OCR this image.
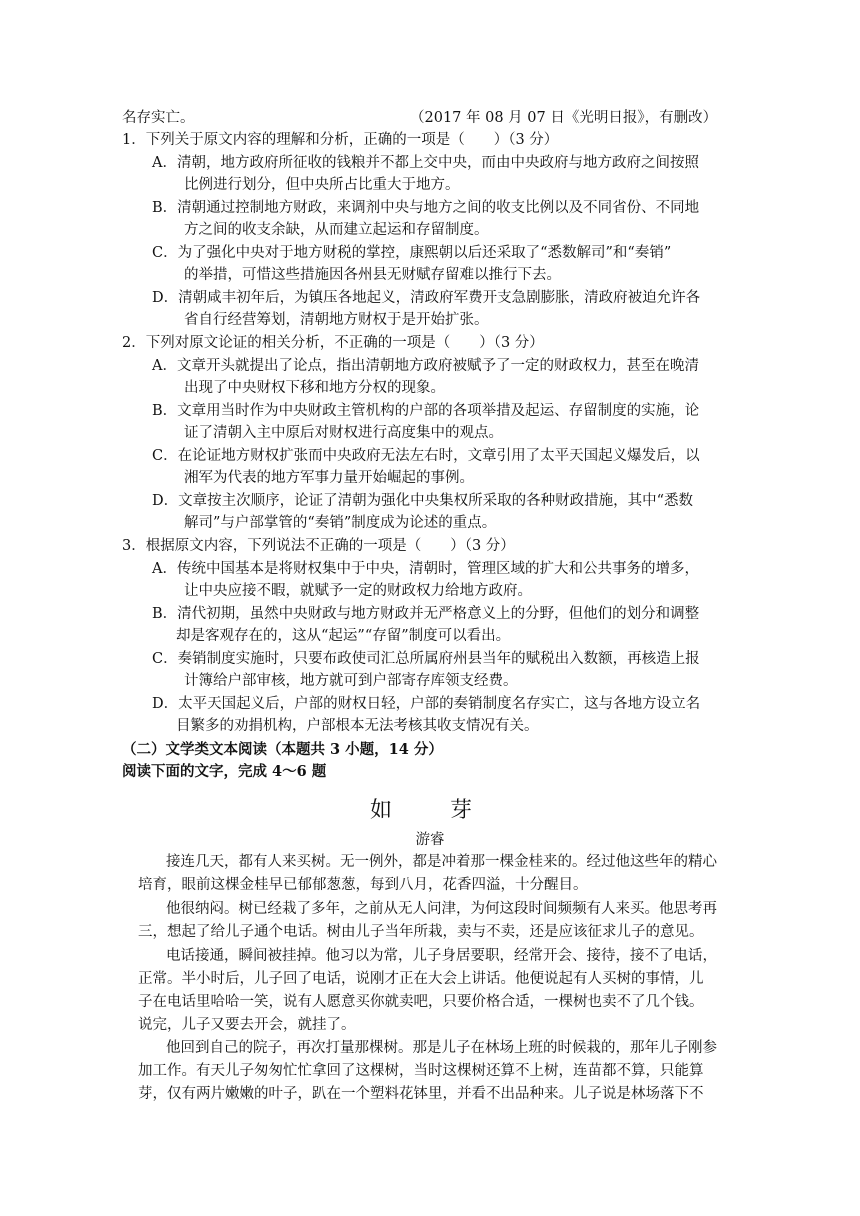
名存实亡。	（2017 年 08 月 07 日《光明日报》，有删改）
1．下列关于原文内容的理解和分析，正确的一项是（　　）（3 分）
A．清朝，地方政府所征收的钱粮并不都上交中央，而由中央政府与地方政府之间按照
比例进行划分，但中央所占比重大于地方。
B．清朝通过控制地方财政，来调剂中央与地方之间的收支比例以及不同省份、不同地
方之间的收支余缺，从而建立起运和存留制度。
C．为了强化中央对于地方财税的掌控，康熙朝以后还采取了“悉数解司”和“奏销”
的举措，可惜这些措施因各州县无财赋存留难以推行下去。
D．清朝咸丰初年后，为镇压各地起义，清政府军费开支急剧膨胀，清政府被迫允许各
省自行经营筹划，清朝地方财权于是开始扩张。
2．下列对原文论证的相关分析，不正确的一项是（　　）（3 分）
A．文章开头就提出了论点，指出清朝地方政府被赋予了一定的财政权力，甚至在晚清
出现了中央财权下移和地方分权的现象。
B．文章用当时作为中央财政主管机构的户部的各项举措及起运、存留制度的实施，论
证了清朝入主中原后对财权进行高度集中的观点。
C．在论证地方财权扩张而中央政府无法左右时，文章引用了太平天国起义爆发后，以
湘军为代表的地方军事力量开始崛起的事例。
D．文章按主次顺序，论证了清朝为强化中央集权所采取的各种财政措施，其中“悉数
解司”与户部掌管的“奏销”制度成为论述的重点。
3．根据原文内容，下列说法不正确的一项是（　　）（3 分）
A．传统中国基本是将财权集中于中央，清朝时，管理区域的扩大和公共事务的增多，
让中央应接不暇，就赋予一定的财政权力给地方政府。
B．清代初期，虽然中央财政与地方财政并无严格意义上的分野，但他们的划分和调整
却是客观存在的，这从“起运”“存留”制度可以看出。
C．奏销制度实施时，只要布政使司汇总所属府州县当年的赋税出入数额，再核造上报
计簿给户部审核，地方就可到户部寄存库领支经费。
D．太平天国起义后，户部的财权日轻，户部的奏销制度名存实亡，这与各地方设立名
目繁多的劝捐机构，户部根本无法考核其收支情况有关。
（二）文学类文本阅读（本题共 3 小题，14 分）
阅读下面的文字，完成 4～6 题
如　芽
游睿
接连几天，都有人来买树。无一例外，都是冲着那一棵金桂来的。经过他这些年的精心
培育，眼前这棵金桂早已郁郁葱葱，每到八月，花香四溢，十分醒目。
他很纳闷。树已经栽了多年，之前从无人问津，为何这段时间频频有人来买。他思考再
三，想起了给儿子通个电话。树由儿子当年所栽，卖与不卖，还是应该征求儿子的意见。
电话接通，瞬间被挂掉。他习以为常，儿子身居要职，经常开会、接待，接不了电话，
正常。半小时后，儿子回了电话，说刚才正在大会上讲话。他便说起有人买树的事情，儿
子在电话里哈哈一笑，说有人愿意买你就卖吧，只要价格合适，一棵树也卖不了几个钱。
说完，儿子又要去开会，就挂了。
他回到自己的院子，再次打量那棵树。那是儿子在林场上班的时候栽的，那年儿子刚参
加工作。有天儿子匆匆忙忙拿回了这棵树，当时这棵树还算不上树，连苗都不算，只能算
芽，仅有两片嫩嫩的叶子，趴在一个塑料花钵里，并看不出品种来。儿子说是林场落下不
